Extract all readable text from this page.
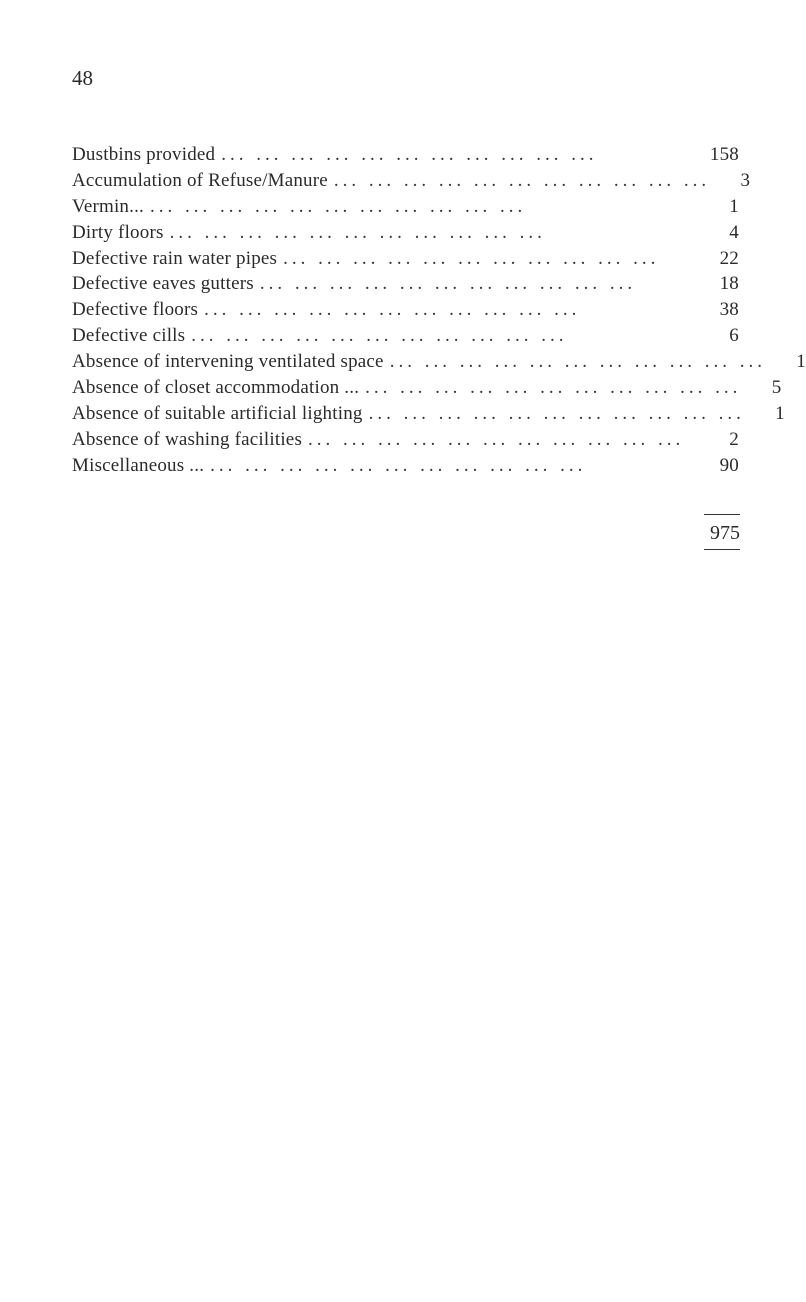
48
Dustbins provided ... ... ... ... ... ... ... ... ... ... ...	158
Accumulation of Refuse/Manure ... ... ... ... ... ... ... ... ... ... ...	3
Vermin... ... ... ... ... ... ... ... ... ... ... ...	1
Dirty floors ... ... ... ... ... ... ... ... ... ... ...	4
Defective rain water pipes ... ... ... ... ... ... ... ... ... ... ...	22
Defective eaves gutters ... ... ... ... ... ... ... ... ... ... ...	18
Defective floors ... ... ... ... ... ... ... ... ... ... ...	38
Defective cills ... ... ... ... ... ... ... ... ... ... ...	6
Absence of intervening ventilated space ... ... ... ... ... ... ... ... ... ... ...	1
Absence of closet accommodation ... ... ... ... ... ... ... ... ... ... ... ...	5
Absence of suitable artificial lighting ... ... ... ... ... ... ... ... ... ... ...	1
Absence of washing facilities ... ... ... ... ... ... ... ... ... ... ...	2
Miscellaneous ... ... ... ... ... ... ... ... ... ... ... ...	90
975
